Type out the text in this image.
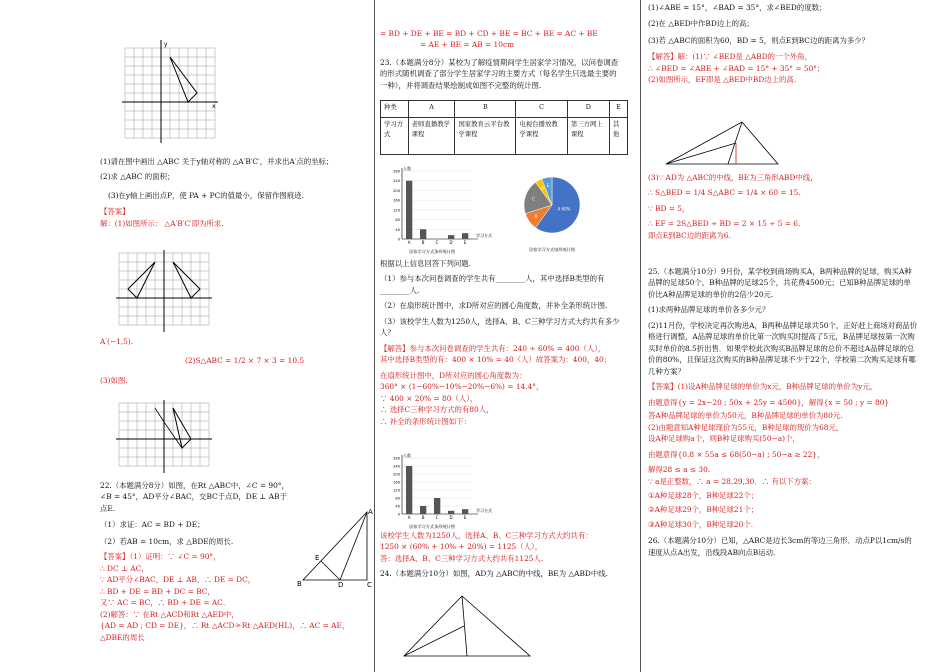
y
x

(1)请在图中画出 △ABC 关于y轴对称的 △A′B′C′，并求出A′点的坐标；

(2)求 △ABC 的面积；

(3)在y轴上画出点P，使 PA + PC的值最小，保留作图痕迹.

【答案】

解：(1)如图所示： △A′B′C′即为所求.

A′(−1,5).

(2)S△ABC = 1/2 × 7 × 3 = 10.5

(3)如图.

22.（本题满分8分）如图，在Rt △ABC中，∠C = 90°，∠B = 45°，AD平分∠BAC，交BC于点D，DE ⊥ AB于点E.

（1）求证：AC = BD + DE；

（2）若AB = 10cm，求 △BDE的周长.

【答案】（1）证明：∵ ∠C = 90°，

∴ DC ⊥ AC，

∵ AD平分∠BAC，DE ⊥ AB，∴ DE = DC，

∴ BD + DE = BD + DC = BC，

又∵ AC = BC，∴ BD + DE = AC．

(2)解答：∵ 在Rt △ACD和Rt △AED中，

{AD = AD ; CD = DE}，∴ Rt △ACD≅Rt △AED(HL)，∴ AC = AE，

△DBE的周长

A
B	C
D
E

= BD + DE + BE = BD + CD + BE = BC + BE = AC + BE

= AE + BE = AB = 10cm

23.（本题满分8分）某校为了解疫情期间学生居家学习情况，以问卷调查的形式随机调查了部分学生居家学习的主要方式（每名学生只选最主要的一种），并将调查结果绘制成如图不完整的统计图.

种类	A	B	C	D	E
学习方式	老师直播教学课程	国家教育云平台教学课程	电视台播放教学课程	第三方网上课程	其他
0
40
80
120
160
200
240
280
人数
学习方式
A	B	C	D	E
居家学习方式条形统计图
A 60%
B
C
D E
居家学习方式扇形统计图

根据以上信息回答下列问题.

（1）参与本次问卷调查的学生共有________人，其中选择B类型的有________人.

（2）在扇形统计图中，求D所对应的圆心角度数，并补全条形统计图.

（3）该校学生人数为1250人，选择A、B、C三种学习方式大约共有多少人？

【解答】参与本次问卷调查的学生共有：240 ÷ 60% = 400（人），

其中选择B类型的有：400 × 10% = 40（人）故答案为：400，40；

在扇形统计图中，D所对应的圆心角度数为：

360° × (1−60%−10%−20%−6%) = 14.4°，

∵ 400 × 20% = 80（人），

∴ 选择C三种学习方式的有80人，

∴ 补全的条形统计图如下：

0
40
80
120
160
200
240
280
人数
学习方式
A	B	C	D	E
居家学习方式条形统计图

该校学生人数为1250人，选择A、B、C三种学习方式大约共有：

1250 × (60% + 10% + 20%) = 1125（人），

答：选择A、B、C三种学习方式大约共有1125人.

24.（本题满分10分）如图，AD为 △ABC的中线，BE为 △ABD中线.

(1)∠ABE = 15°，∠BAD = 35°，求∠BED的度数；

(2)在 △BED中作BD边上的高；

(3)若 △ABC的面积为60，BD = 5，则点E到BC边的距离为多少？

【解答】解：(1)∵ ∠BED是 △ABD的一个外角，

∴ ∠BED = ∠ABE + ∠BAD = 15° + 35° = 50°；

(2)如图所示，EF即是 △BED中BD边上的高.

(3)∵ AD为 △ABC的中线，BE为三角形ABD中线，

∴ S△BED = 1/4 S△ABC = 1/4 × 60 = 15.

∵ BD = 5，

∴ EF = 2S△BED ÷ BD = 2 × 15 ÷ 5 = 6.

即点E到BC边的距离为6.

25.（本题满分10分）9月份，某学校到商场购买A，B两种品牌的足球，购买A种品牌的足球50个，B种品牌的足球25个，共花费4500元；已知B种品牌足球的单价比A种品牌足球的单价的2倍少20元.

(1)求两种品牌足球的单价各多少元？

(2)11月份，学校决定再次购进A，B两种品牌足球共50个，正好赶上商场对商品价格进行调整，A品牌足球的单价比第一次购买时提高了5元，B品牌足球按第一次购买时单价的8.5折出售．如果学校此次购买B品牌足球的总价不超过A品牌足球的总价的80%，且保证这次购买的B种品牌足球不少于22个，学校第二次购买足球有哪几种方案？

【答案】(1)设A种品牌足球的单价为x元，B种品牌足球的单价为y元，

由题意得{y = 2x−20 ; 50x + 25y = 4500}，解得{x = 50 ; y = 80}

答A种品牌足球的单价为50元，B种品牌足球的单价为80元.

(2)由题意知A种足球现价为55元，B种足球的现价为68元，

设A种足球购a个，则B种足球购买(50−a)个，

由题意得{0.8 × 55a ≤ 68(50−a) ; 50−a ≥ 22}，

解得28 ≤ a ≤ 30.

∵ a是正整数，∴ a = 28,29,30．∴ 有以下方案：

①A种足球28个，B种足球22个；

②A种足球29个，B种足球21个；

③A种足球30个，B种足球20个.

26.（本题满分10分）已知，△ABC是边长3cm的等边三角形．动点P以1cm/s的速度从点A出发，沿线段AB向点B运动.
